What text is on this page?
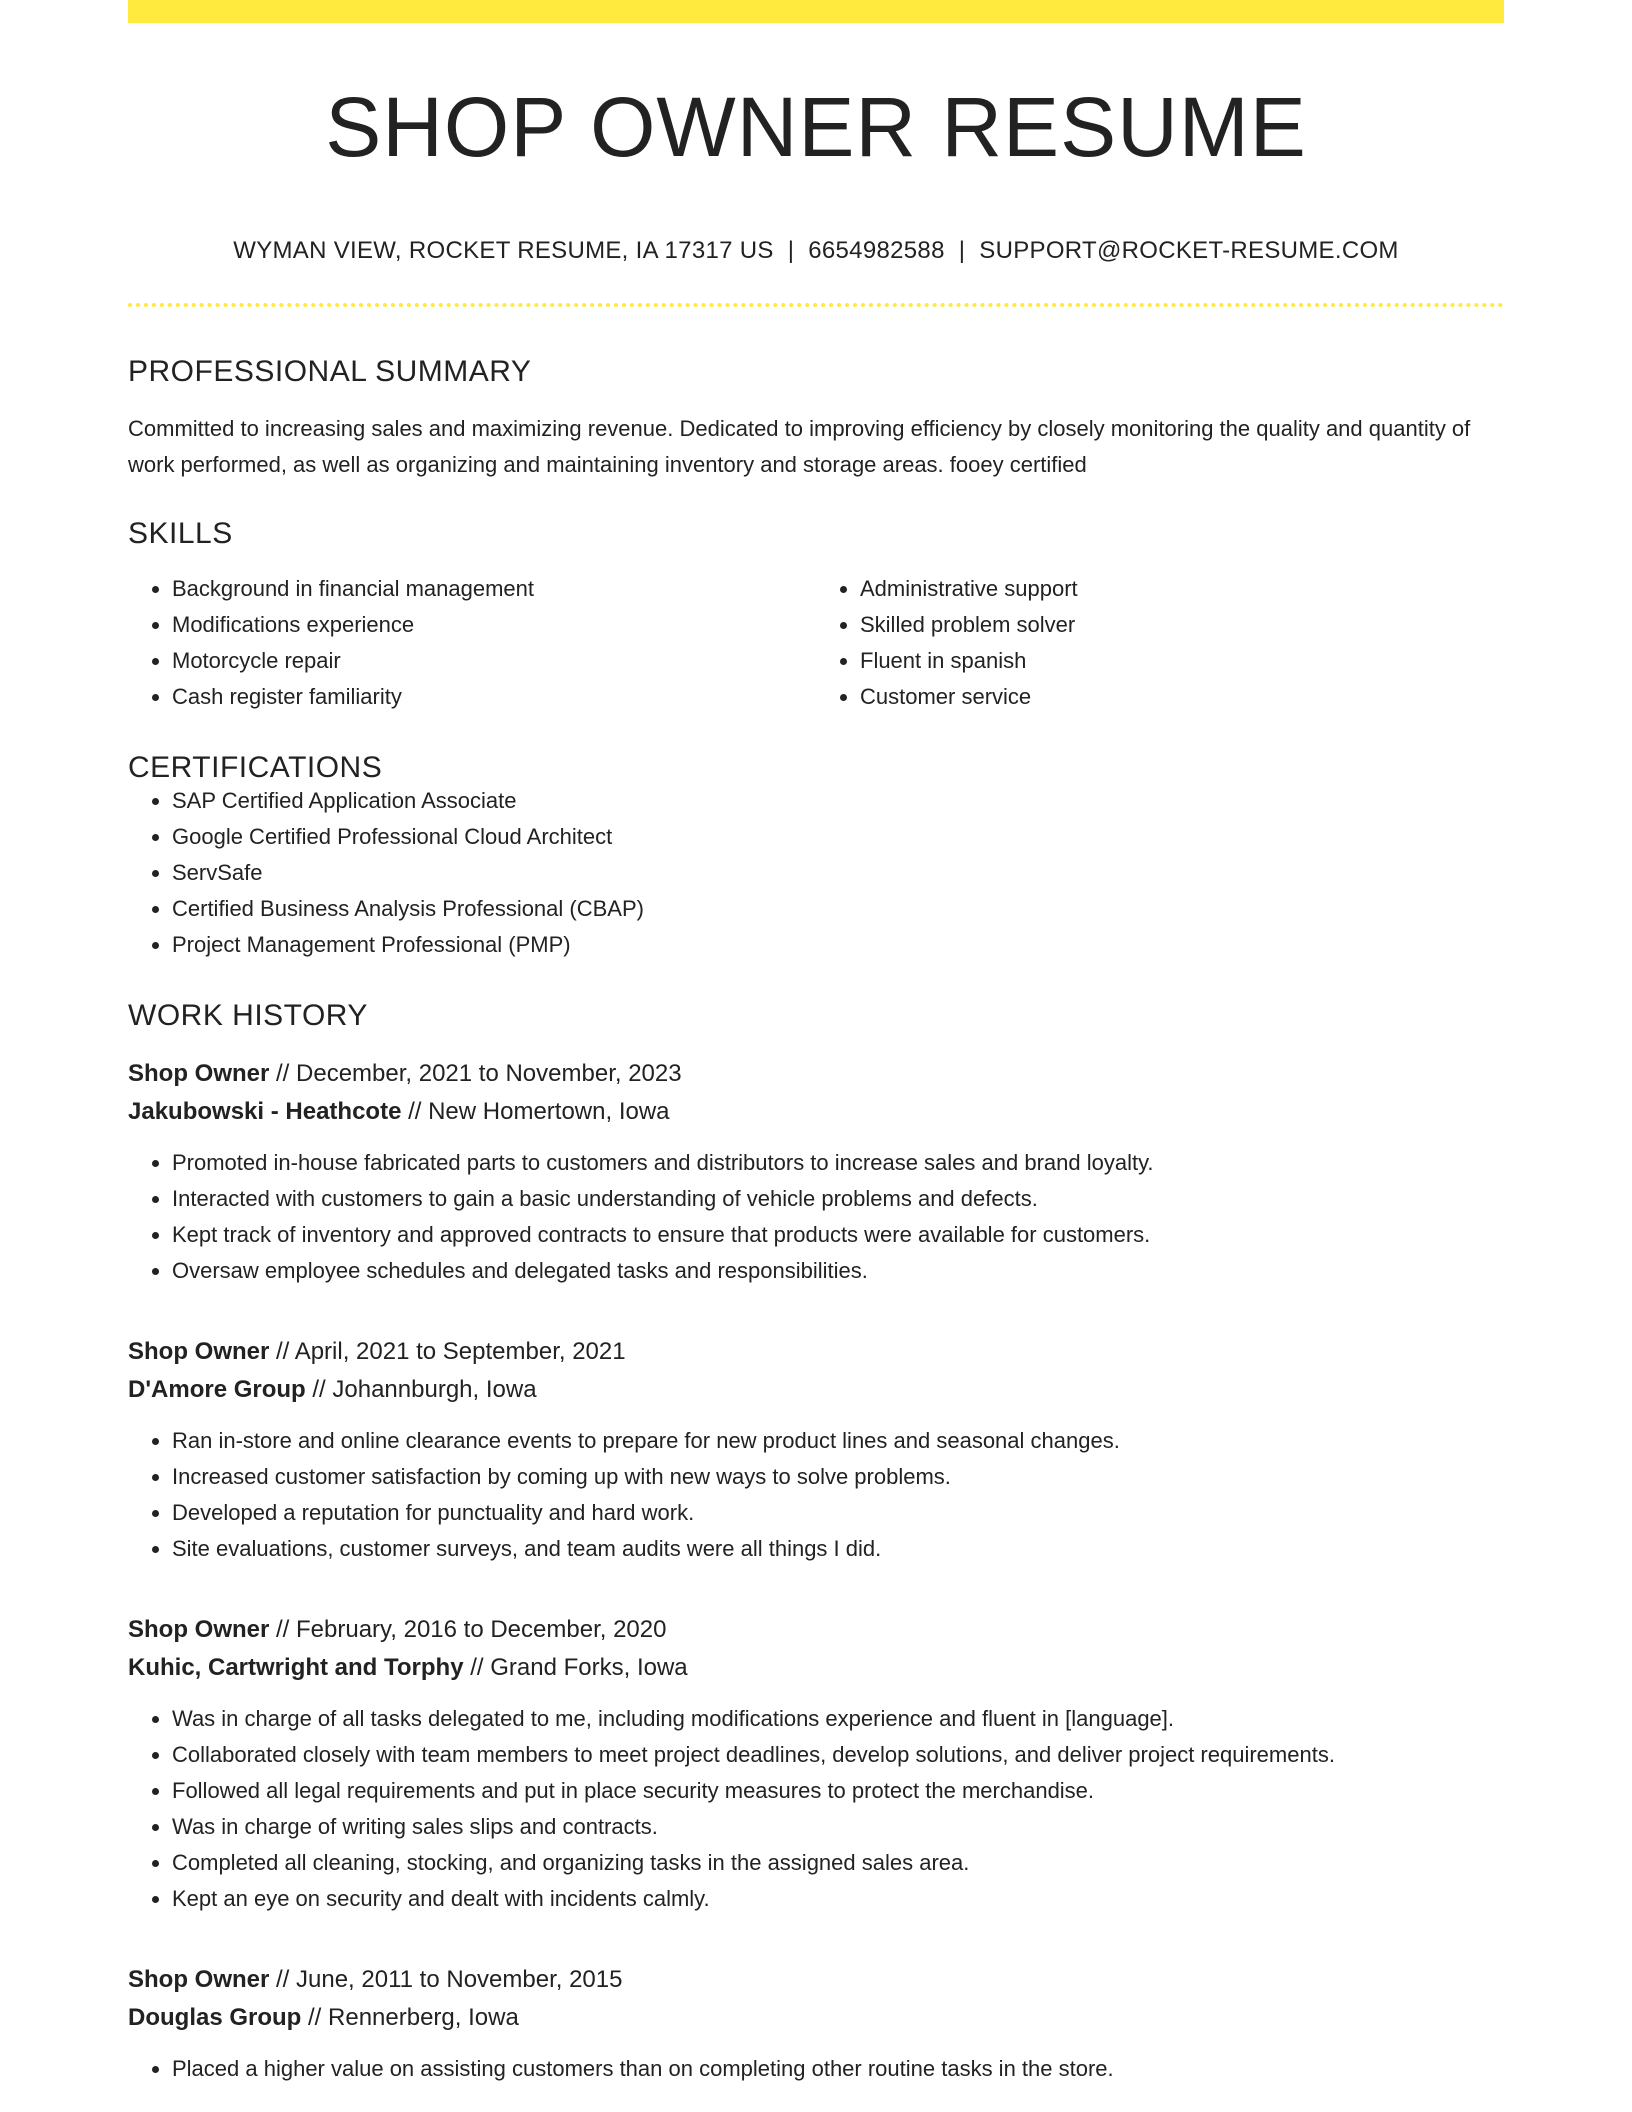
SHOP OWNER RESUME
WYMAN VIEW, ROCKET RESUME, IA 17317 US | 6654982588 | SUPPORT@ROCKET-RESUME.COM
PROFESSIONAL SUMMARY
Committed to increasing sales and maximizing revenue. Dedicated to improving efficiency by closely monitoring the quality and quantity of work performed, as well as organizing and maintaining inventory and storage areas. fooey certified
SKILLS
• Background in financial management
• Modifications experience
• Motorcycle repair
• Cash register familiarity
• Administrative support
• Skilled problem solver
• Fluent in spanish
• Customer service
CERTIFICATIONS
• SAP Certified Application Associate
• Google Certified Professional Cloud Architect
• ServSafe
• Certified Business Analysis Professional (CBAP)
• Project Management Professional (PMP)
WORK HISTORY
Shop Owner // December, 2021 to November, 2023
Jakubowski - Heathcote // New Homertown, Iowa
• Promoted in-house fabricated parts to customers and distributors to increase sales and brand loyalty.
• Interacted with customers to gain a basic understanding of vehicle problems and defects.
• Kept track of inventory and approved contracts to ensure that products were available for customers.
• Oversaw employee schedules and delegated tasks and responsibilities.
Shop Owner // April, 2021 to September, 2021
D'Amore Group // Johannburgh, Iowa
• Ran in-store and online clearance events to prepare for new product lines and seasonal changes.
• Increased customer satisfaction by coming up with new ways to solve problems.
• Developed a reputation for punctuality and hard work.
• Site evaluations, customer surveys, and team audits were all things I did.
Shop Owner // February, 2016 to December, 2020
Kuhic, Cartwright and Torphy // Grand Forks, Iowa
• Was in charge of all tasks delegated to me, including modifications experience and fluent in [language].
• Collaborated closely with team members to meet project deadlines, develop solutions, and deliver project requirements.
• Followed all legal requirements and put in place security measures to protect the merchandise.
• Was in charge of writing sales slips and contracts.
• Completed all cleaning, stocking, and organizing tasks in the assigned sales area.
• Kept an eye on security and dealt with incidents calmly.
Shop Owner // June, 2011 to November, 2015
Douglas Group // Rennerberg, Iowa
• Placed a higher value on assisting customers than on completing other routine tasks in the store.
